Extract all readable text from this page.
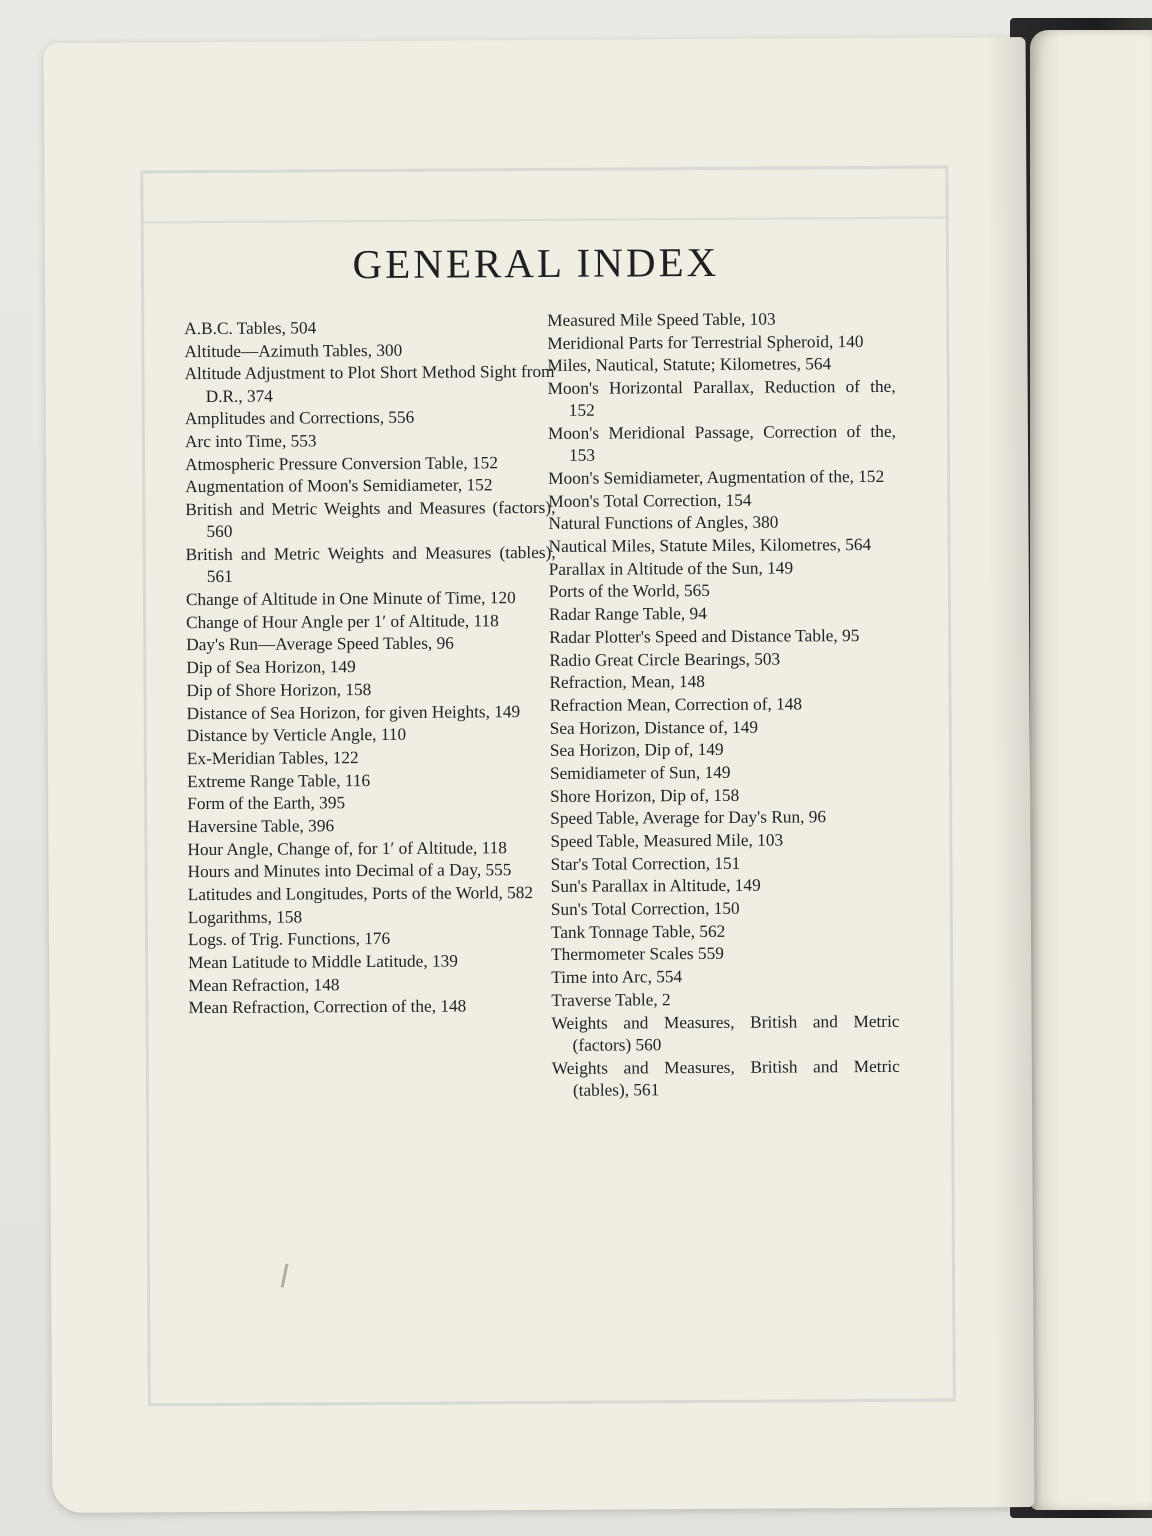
GENERAL INDEX

A.B.C. Tables, 504

Altitude—Azimuth Tables, 300

Altitude Adjustment to Plot Short Method Sight from D.R., 374

Amplitudes and Corrections, 556

Arc into Time, 553

Atmospheric Pressure Conversion Table, 152

Augmentation of Moon's Semidiameter, 152

British and Metric Weights and Measures (factors), 560

British and Metric Weights and Measures (tables), 561

Change of Altitude in One Minute of Time, 120

Change of Hour Angle per 1′ of Altitude, 118

Day's Run—Average Speed Tables, 96

Dip of Sea Horizon, 149

Dip of Shore Horizon, 158

Distance of Sea Horizon, for given Heights, 149

Distance by Verticle Angle, 110

Ex-Meridian Tables, 122

Extreme Range Table, 116

Form of the Earth, 395

Haversine Table, 396

Hour Angle, Change of, for 1′ of Altitude, 118

Hours and Minutes into Decimal of a Day, 555

Latitudes and Longitudes, Ports of the World, 582

Logarithms, 158

Logs. of Trig. Functions, 176

Mean Latitude to Middle Latitude, 139

Mean Refraction, 148

Mean Refraction, Correction of the, 148

Measured Mile Speed Table, 103

Meridional Parts for Terrestrial Spheroid, 140

Miles, Nautical, Statute; Kilometres, 564

Moon's Horizontal Parallax, Reduction of the, 152

Moon's Meridional Passage, Correction of the, 153

Moon's Semidiameter, Augmentation of the, 152

Moon's Total Correction, 154

Natural Functions of Angles, 380

Nautical Miles, Statute Miles, Kilometres, 564

Parallax in Altitude of the Sun, 149

Ports of the World, 565

Radar Range Table, 94

Radar Plotter's Speed and Distance Table, 95

Radio Great Circle Bearings, 503

Refraction, Mean, 148

Refraction Mean, Correction of, 148

Sea Horizon, Distance of, 149

Sea Horizon, Dip of, 149

Semidiameter of Sun, 149

Shore Horizon, Dip of, 158

Speed Table, Average for Day's Run, 96

Speed Table, Measured Mile, 103

Star's Total Correction, 151

Sun's Parallax in Altitude, 149

Sun's Total Correction, 150

Tank Tonnage Table, 562

Thermometer Scales 559

Time into Arc, 554

Traverse Table, 2

Weights and Measures, British and Metric (factors) 560

Weights and Measures, British and Metric (tables), 561
